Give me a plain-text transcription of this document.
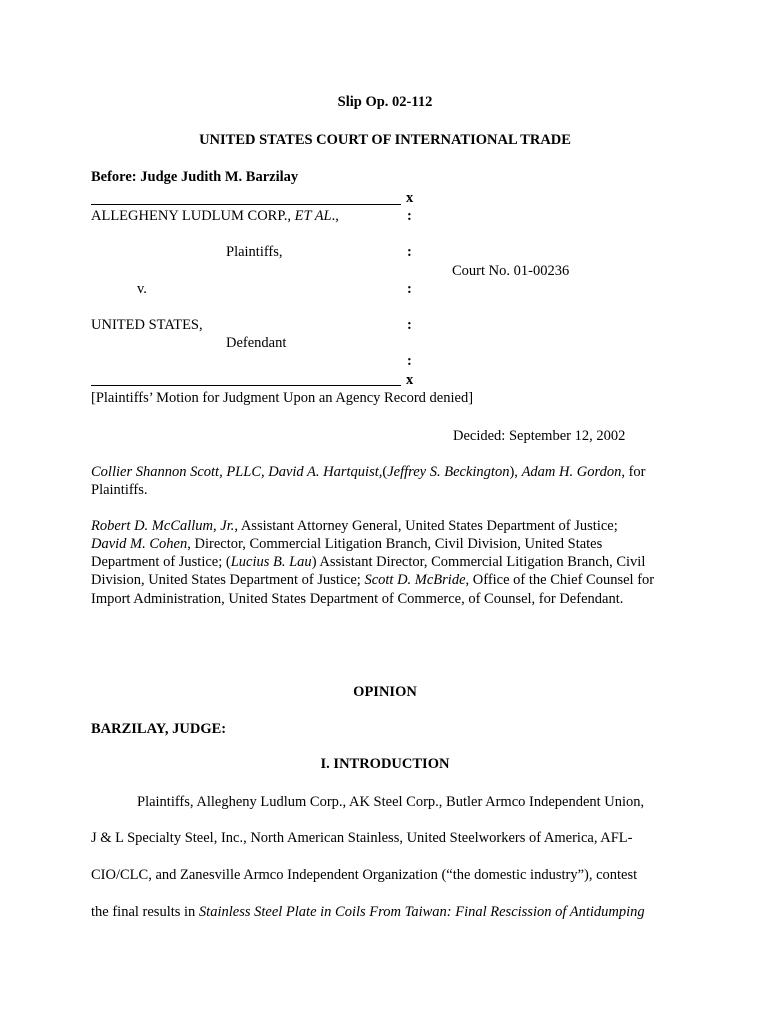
Slip Op. 02-112
UNITED STATES COURT OF INTERNATIONAL TRADE
Before: Judge Judith M. Barzilay
x
ALLEGHENY LUDLUM CORP., ET AL.,	:
Plaintiffs,	:
Court No. 01-00236
v.	:
UNITED STATES,	:
Defendant
:
x
[Plaintiffs’ Motion for Judgment Upon an Agency Record denied]
Decided: September 12, 2002
Collier Shannon Scott, PLLC, David A. Hartquist,(Jeffrey S. Beckington), Adam H. Gordon, for
Plaintiffs.
Robert D. McCallum, Jr., Assistant Attorney General, United States Department of Justice;
David M. Cohen, Director, Commercial Litigation Branch, Civil Division, United States
Department of Justice; (Lucius B. Lau) Assistant Director, Commercial Litigation Branch, Civil
Division, United States Department of Justice; Scott D. McBride, Office of the Chief Counsel for
Import Administration, United States Department of Commerce, of Counsel, for Defendant.
OPINION
BARZILAY, JUDGE:
I. INTRODUCTION
Plaintiffs, Allegheny Ludlum Corp., AK Steel Corp., Butler Armco Independent Union,
J & L Specialty Steel, Inc., North American Stainless, United Steelworkers of America, AFL-
CIO/CLC, and Zanesville Armco Independent Organization (“the domestic industry”), contest
the final results in Stainless Steel Plate in Coils From Taiwan: Final Rescission of Antidumping
